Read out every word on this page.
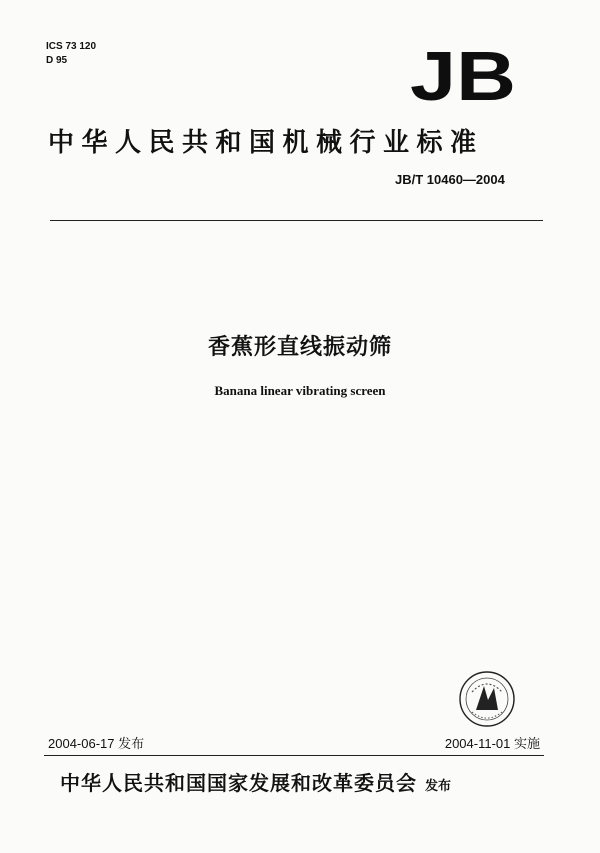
ICS 73 120
D 95	JB
中华人民共和国机械行业标准
JB/T 10460—2004
香蕉形直线振动筛
Banana linear vibrating screen
2004-06-17 发布	2004-11-01 实施
中华人民共和国国家发展和改革委员会 发布
